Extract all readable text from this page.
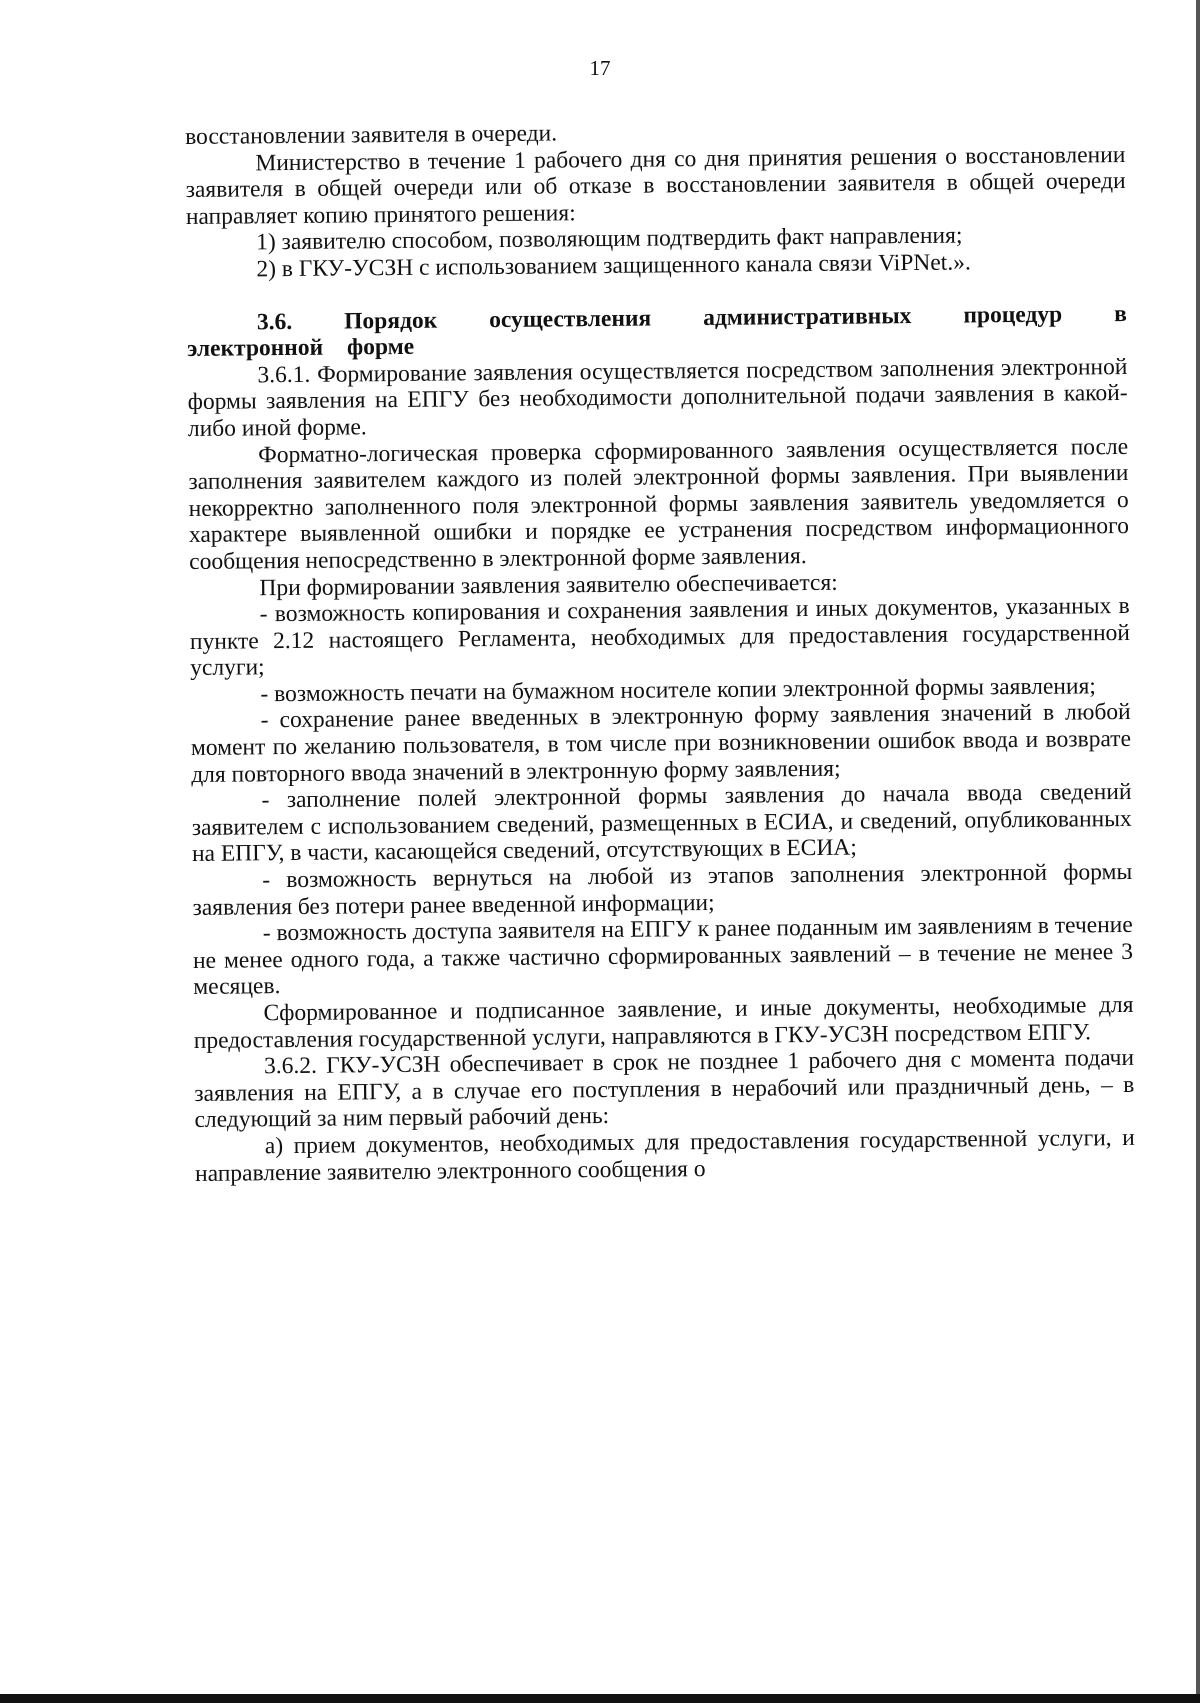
17

восстановлении заявителя в очереди.

Министерство в течение 1 рабочего дня со дня принятия решения о восстановлении заявителя в общей очереди или об отказе в восстановлении заявителя в общей очереди направляет копию принятого решения:

1) заявителю способом, позволяющим подтвердить факт направления;

2) в ГКУ-УСЗН с использованием защищенного канала связи ViPNet.».

3.6. Порядок осуществления административных процедур в электронной форме

3.6.1. Формирование заявления осуществляется посредством заполнения электронной формы заявления на ЕПГУ без необходимости дополнительной подачи заявления в какой-либо иной форме.

Форматно-логическая проверка сформированного заявления осуществляется после заполнения заявителем каждого из полей электронной формы заявления. При выявлении некорректно заполненного поля электронной формы заявления заявитель уведомляется о характере выявленной ошибки и порядке ее устранения посредством информационного сообщения непосредственно в электронной форме заявления.

При формировании заявления заявителю обеспечивается:

- возможность копирования и сохранения заявления и иных документов, указанных в пункте 2.12 настоящего Регламента, необходимых для предоставления государственной услуги;

- возможность печати на бумажном носителе копии электронной формы заявления;

- сохранение ранее введенных в электронную форму заявления значений в любой момент по желанию пользователя, в том числе при возникновении ошибок ввода и возврате для повторного ввода значений в электронную форму заявления;

- заполнение полей электронной формы заявления до начала ввода сведений заявителем с использованием сведений, размещенных в ЕСИА, и сведений, опубликованных на ЕПГУ, в части, касающейся сведений, отсутствующих в ЕСИА;

- возможность вернуться на любой из этапов заполнения электронной формы заявления без потери ранее введенной информации;

- возможность доступа заявителя на ЕПГУ к ранее поданным им заявлениям в течение не менее одного года, а также частично сформированных заявлений – в течение не менее 3 месяцев.

Сформированное и подписанное заявление, и иные документы, необходимые для предоставления государственной услуги, направляются в ГКУ-УСЗН посредством ЕПГУ.

3.6.2. ГКУ-УСЗН обеспечивает в срок не позднее 1 рабочего дня с момента подачи заявления на ЕПГУ, а в случае его поступления в нерабочий или праздничный день, – в следующий за ним первый рабочий день:

а) прием документов, необходимых для предоставления государственной услуги, и направление заявителю электронного сообщения о
